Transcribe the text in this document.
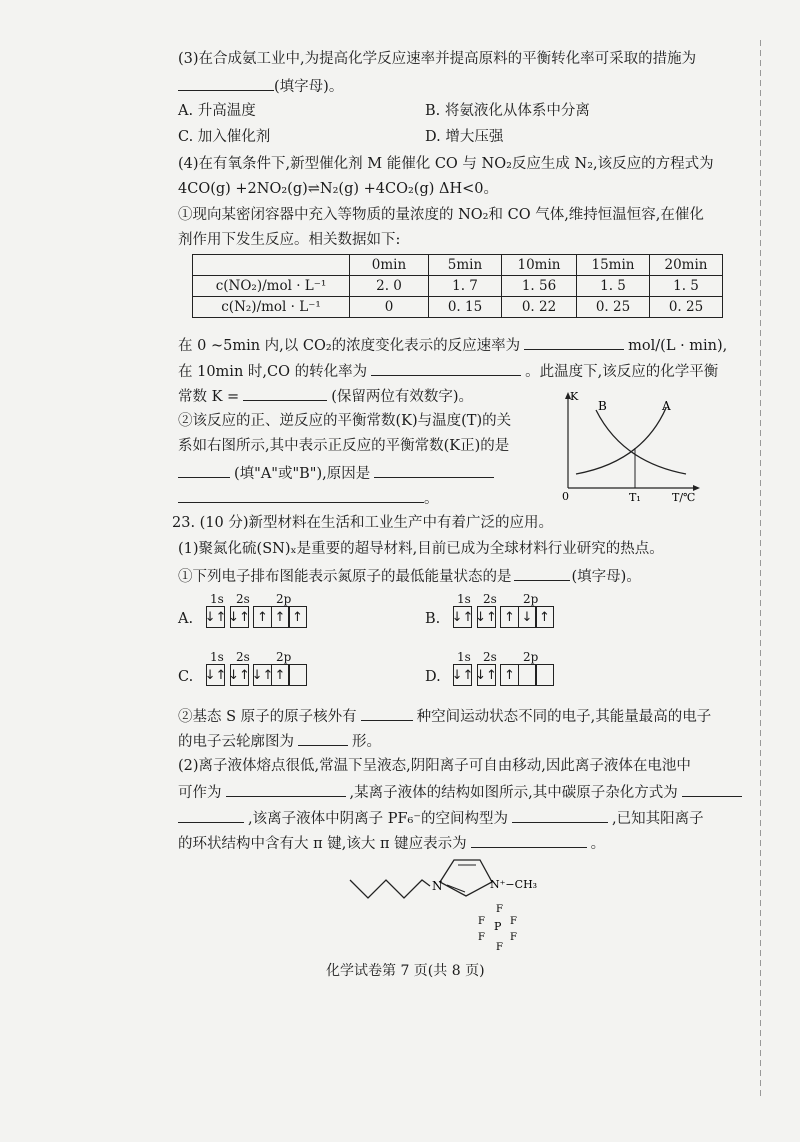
(3)在合成氨工业中,为提高化学反应速率并提高原料的平衡转化率可采取的措施为
(填字母)。
A. 升高温度	B. 将氨液化从体系中分离
C. 加入催化剂	D. 增大压强
(4)在有氧条件下,新型催化剂 M 能催化 CO 与 NO₂反应生成 N₂,该反应的方程式为
4CO(g) +2NO₂(g)⇌N₂(g) +4CO₂(g) ΔH<0。
①现向某密闭容器中充入等物质的量浓度的 NO₂和 CO 气体,维持恒温恒容,在催化
剂作用下发生反应。相关数据如下:
	0min	5min	10min	15min	20min
c(NO₂)/mol · L⁻¹	2. 0	1. 7	1. 56	1. 5	1. 5
c(N₂)/mol · L⁻¹	0	0. 15	0. 22	0. 25	0. 25
在 0 ~5min 内,以 CO₂的浓度变化表示的反应速率为	mol/(L · min),
在 10min 时,CO 的转化率为	。此温度下,该反应的化学平衡
常数 K =	(保留两位有效数字)。
②该反应的正、逆反应的平衡常数(K)与温度(T)的关
系如右图所示,其中表示正反应的平衡常数(K正)的是
(填"A"或"B"),原因是
。
K
B	A
0	T₁	T/℃
23. (10 分)新型材料在生活和工业生产中有着广泛的应用。
(1)聚氮化硫(SN)ₓ是重要的超导材料,目前已成为全球材料行业研究的热点。
①下列电子排布图能表示氮原子的最低能量状态的是	(填字母)。
A.
1s 2s 2p
↓↑ ↓↑ ↑ ↑ ↑	B.
1s 2s 2p
↓↑ ↓↑ ↑ ↓ ↑
C.
1s 2s 2p
↓↑ ↓↑ ↓↑ ↑	D.
1s 2s 2p
↓↑ ↓↑ ↑
②基态 S 原子的原子核外有	种空间运动状态不同的电子,其能量最高的电子
的电子云轮廓图为	形。
(2)离子液体熔点很低,常温下呈液态,阴阳离子可自由移动,因此离子液体在电池中
可作为	,某离子液体的结构如图所示,其中碳原子杂化方式为
,该离子液体中阴离子 PF₆⁻的空间构型为	,已知其阳离子
的环状结构中含有大 π 键,该大 π 键应表示为	。
N	N⁺−CH₃
F
F	F
P
F	F
F
化学试卷第 7 页(共 8 页)
